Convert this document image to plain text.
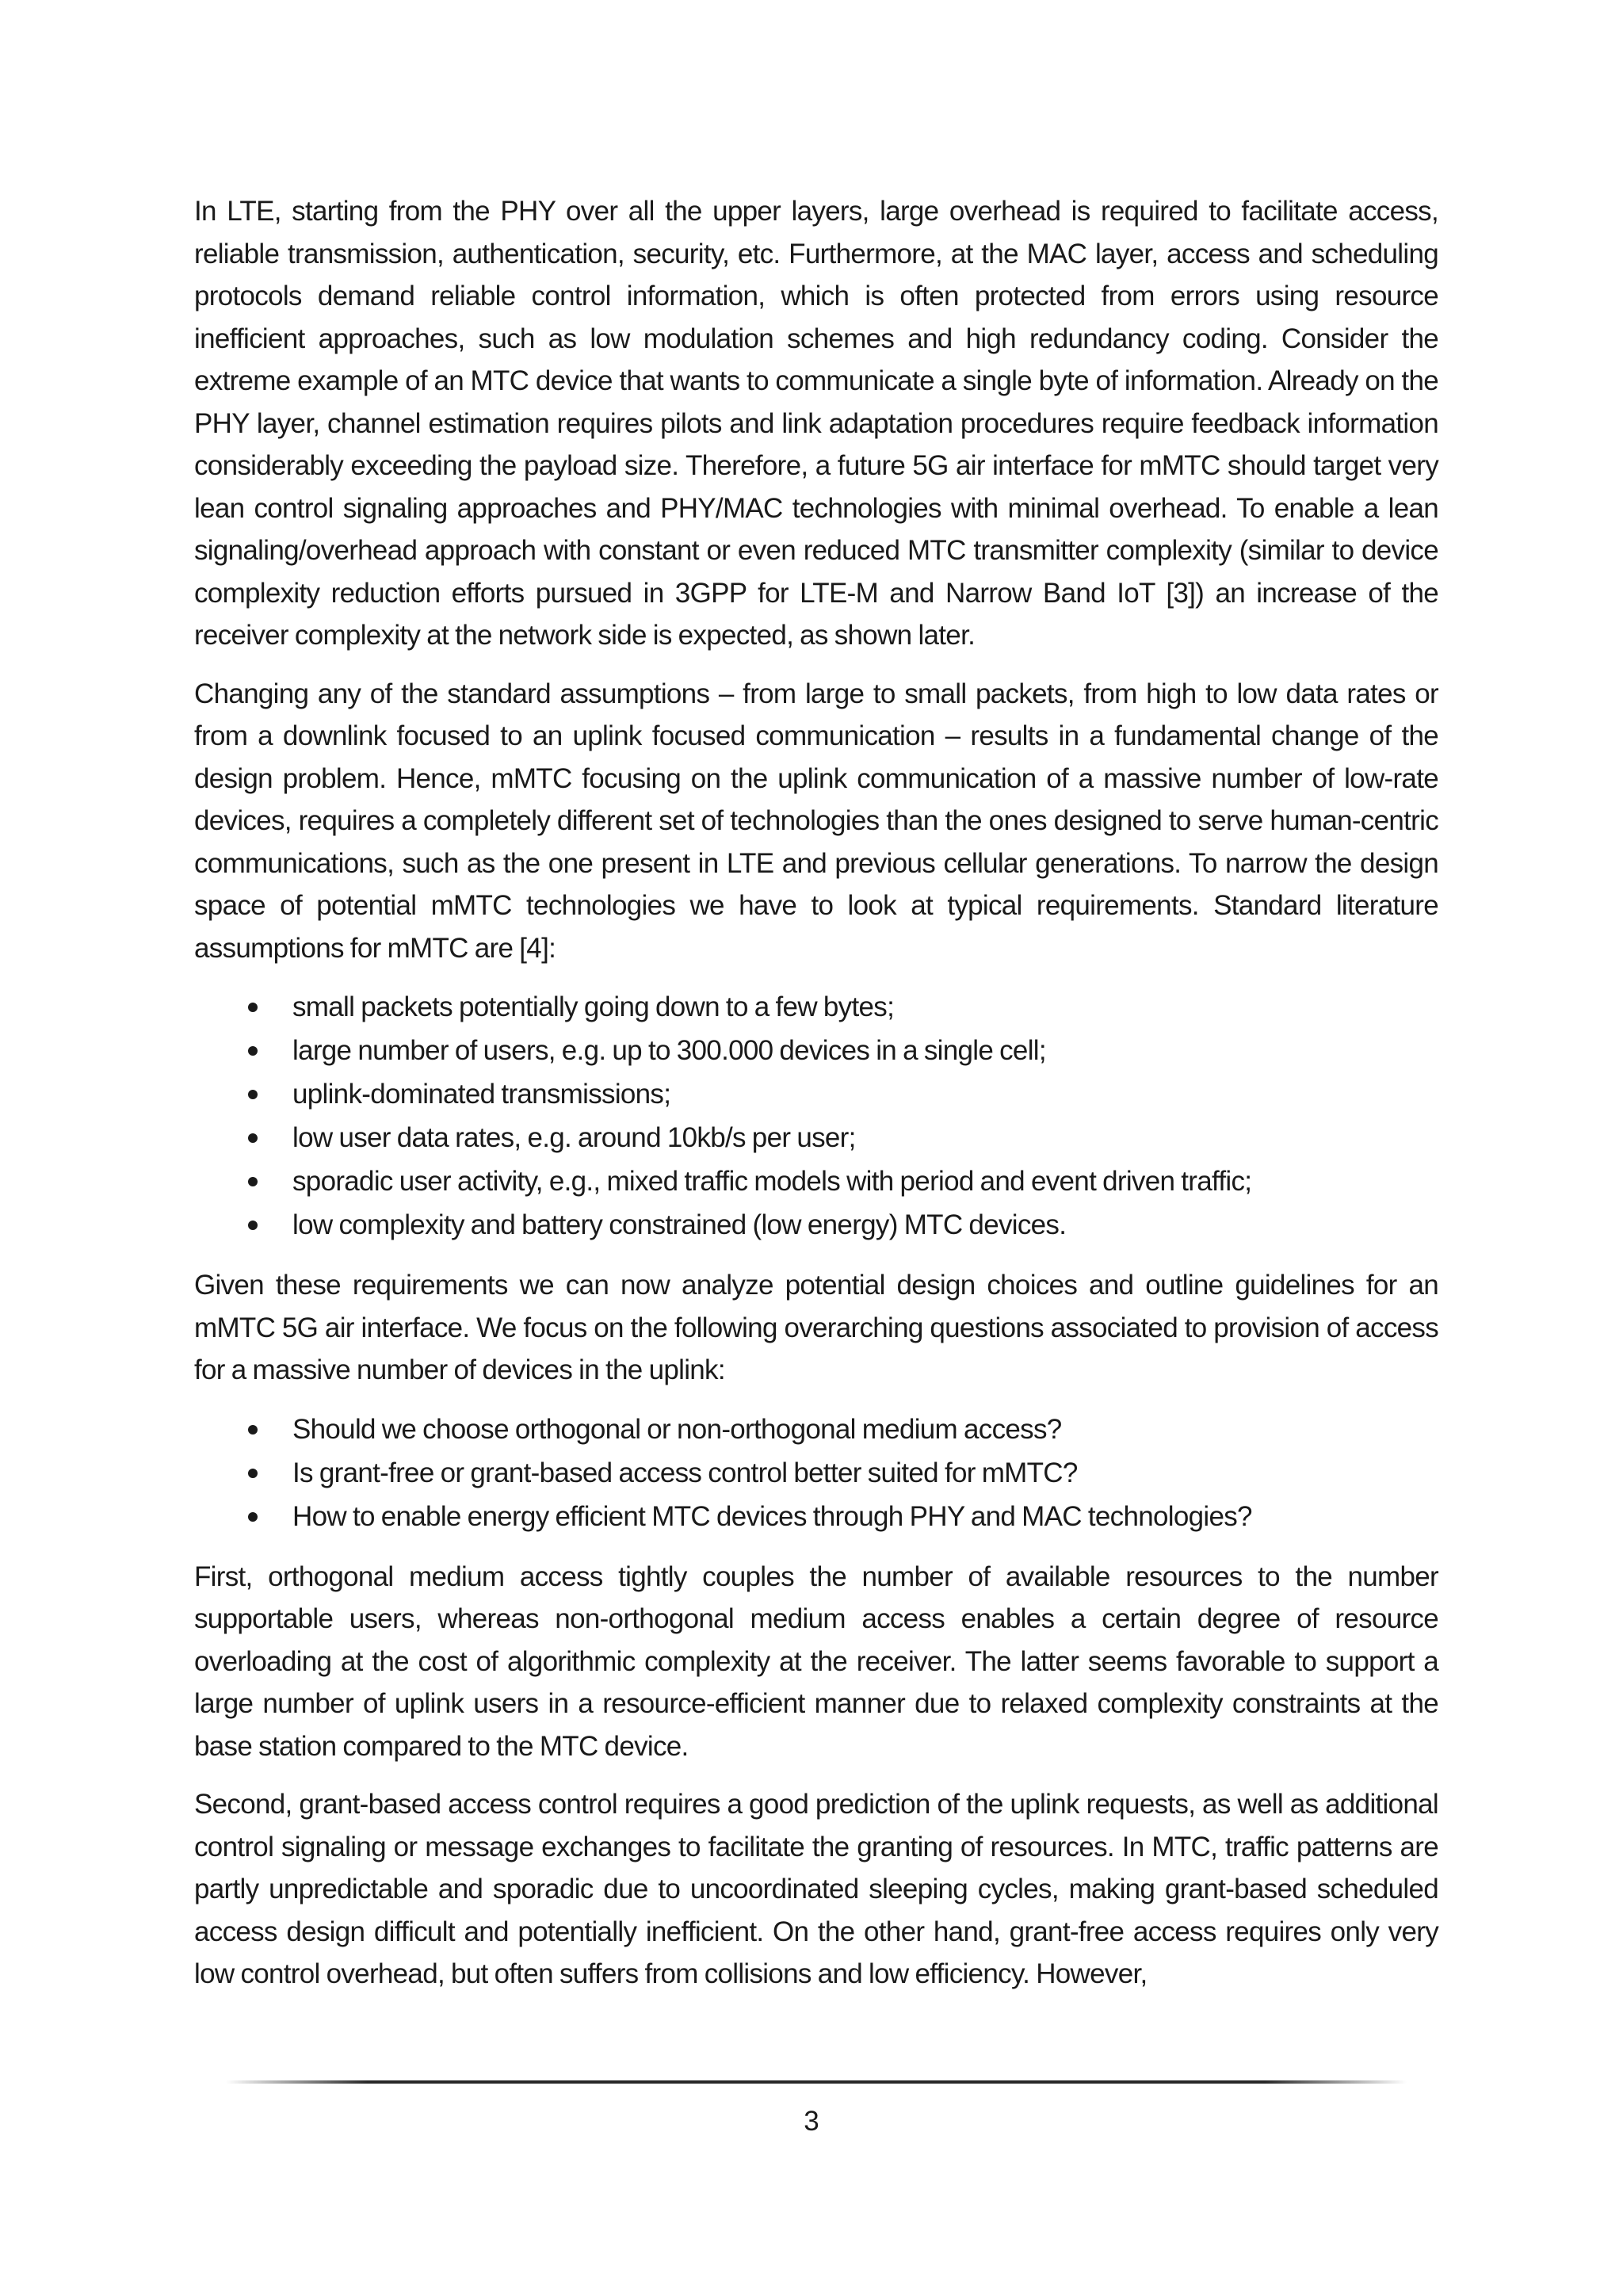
In LTE, starting from the PHY over all the upper layers, large overhead is required to facilitate access, reliable transmission, authentication, security, etc. Furthermore, at the MAC layer, access and scheduling protocols demand reliable control information, which is often protected from errors using resource inefficient approaches, such as low modulation schemes and high redundancy coding. Consider the extreme example of an MTC device that wants to communicate a single byte of information. Already on the PHY layer, channel estimation requires pilots and link adaptation procedures require feedback information considerably exceeding the payload size. Therefore, a future 5G air interface for mMTC should target very lean control signaling approaches and PHY/MAC technologies with minimal overhead. To enable a lean signaling/overhead approach with constant or even reduced MTC transmitter complexity (similar to device complexity reduction efforts pursued in 3GPP for LTE-M and Narrow Band IoT [3]) an increase of the receiver complexity at the network side is expected, as shown later.

Changing any of the standard assumptions – from large to small packets, from high to low data rates or from a downlink focused to an uplink focused communication – results in a fundamental change of the design problem. Hence, mMTC focusing on the uplink communication of a massive number of low-rate devices, requires a completely different set of technologies than the ones designed to serve human-centric communications, such as the one present in LTE and previous cellular generations. To narrow the design space of potential mMTC technologies we have to look at typical requirements. Standard literature assumptions for mMTC are [4]:

small packets potentially going down to a few bytes;
large number of users, e.g. up to 300.000 devices in a single cell;
uplink-dominated transmissions;
low user data rates, e.g. around 10kb/s per user;
sporadic user activity, e.g., mixed traffic models with period and event driven traffic;
low complexity and battery constrained (low energy) MTC devices.

Given these requirements we can now analyze potential design choices and outline guidelines for an mMTC 5G air interface. We focus on the following overarching questions associated to provision of access for a massive number of devices in the uplink:

Should we choose orthogonal or non-orthogonal medium access?
Is grant-free or grant-based access control better suited for mMTC?
How to enable energy efficient MTC devices through PHY and MAC technologies?

First, orthogonal medium access tightly couples the number of available resources to the number supportable users, whereas non-orthogonal medium access enables a certain degree of resource overloading at the cost of algorithmic complexity at the receiver. The latter seems favorable to support a large number of uplink users in a resource-efficient manner due to relaxed complexity constraints at the base station compared to the MTC device.

Second, grant-based access control requires a good prediction of the uplink requests, as well as additional control signaling or message exchanges to facilitate the granting of resources. In MTC, traffic patterns are partly unpredictable and sporadic due to uncoordinated sleeping cycles, making grant-based scheduled access design difficult and potentially inefficient. On the other hand, grant-free access requires only very low control overhead, but often suffers from collisions and low efficiency. However,

3
